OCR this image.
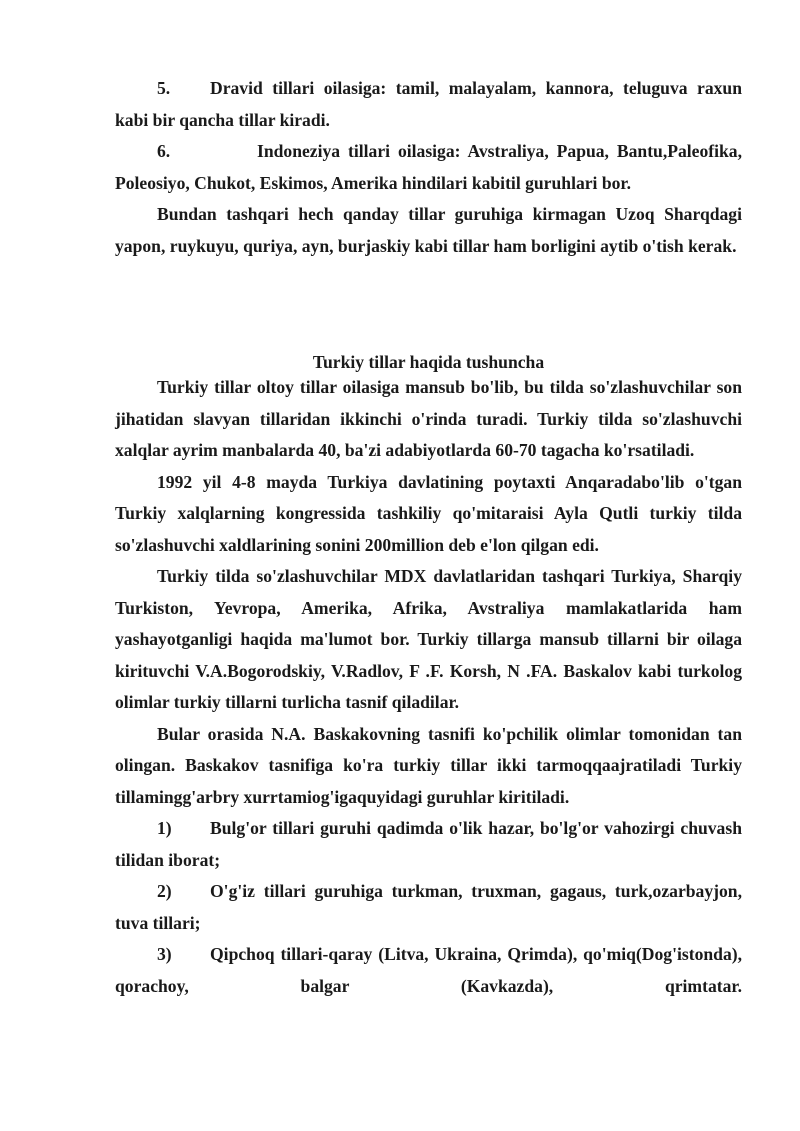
5. Dravid tillari oilasiga: tamil, malayalam, kannora, teluguva raxun kabi bir qancha tillar kiradi.

6.	Indoneziya tillari oilasiga: Avstraliya, Papua, Bantu,Paleofika, Poleosiyo, Chukot, Eskimos, Amerika hindilari kabitil guruhlari bor.

Bundan tashqari hech qanday tillar guruhiga kirmagan Uzoq Sharqdagi yapon, ruykuyu, quriya, ayn, burjaskiy kabi tillar ham borligini aytib o'tish kerak.

Turkiy tillar haqida tushuncha

Turkiy tillar oltoy tillar oilasiga mansub bo'lib, bu tilda so'zlashuvchilar son jihatidan slavyan tillaridan ikkinchi o'rinda turadi. Turkiy tilda so'zlashuvchi xalqlar ayrim manbalarda 40, ba'zi adabiyotlarda 60-70 tagacha ko'rsatiladi.

1992 yil 4-8 mayda Turkiya davlatining poytaxti Anqaradabo'lib o'tgan Turkiy xalqlarning kongressida tashkiliy qo'mitaraisi Ayla Qutli turkiy tilda so'zlashuvchi xaldlarining sonini 200million deb e'lon qilgan edi.

Turkiy tilda so'zlashuvchilar MDX davlatlaridan tashqari Turkiya, Sharqiy Turkiston, Yevropa, Amerika, Afrika, Avstraliya mamlakatlarida ham yashayotganligi haqida ma'lumot bor. Turkiy tillarga mansub tillarni bir oilaga kirituvchi V.A.Bogorodskiy, V.Radlov, F .F. Korsh, N .FA. Baskalov kabi turkolog olimlar turkiy tillarni turlicha tasnif qiladilar.

Bular orasida N.A. Baskakovning tasnifi ko'pchilik olimlar tomonidan tan olingan. Baskakov tasnifiga ko'ra turkiy tillar ikki tarmoqqaajratiladi Turkiy tillamingg'arbry xurrtamiog'igaquyidagi guruhlar kiritiladi.

1) Bulg'or tillari guruhi qadimda o'lik hazar, bo'lg'or vahozirgi chuvash tilidan iborat;

2) O'g'iz tillari guruhiga turkman, truxman, gagaus, turk,ozarbayjon, tuva tillari;

3) Qipchoq tillari-qaray (Litva, Ukraina, Qrimda), qo'miq(Dog'istonda), qorachoy, balgar (Kavkazda), qrimtatar.
